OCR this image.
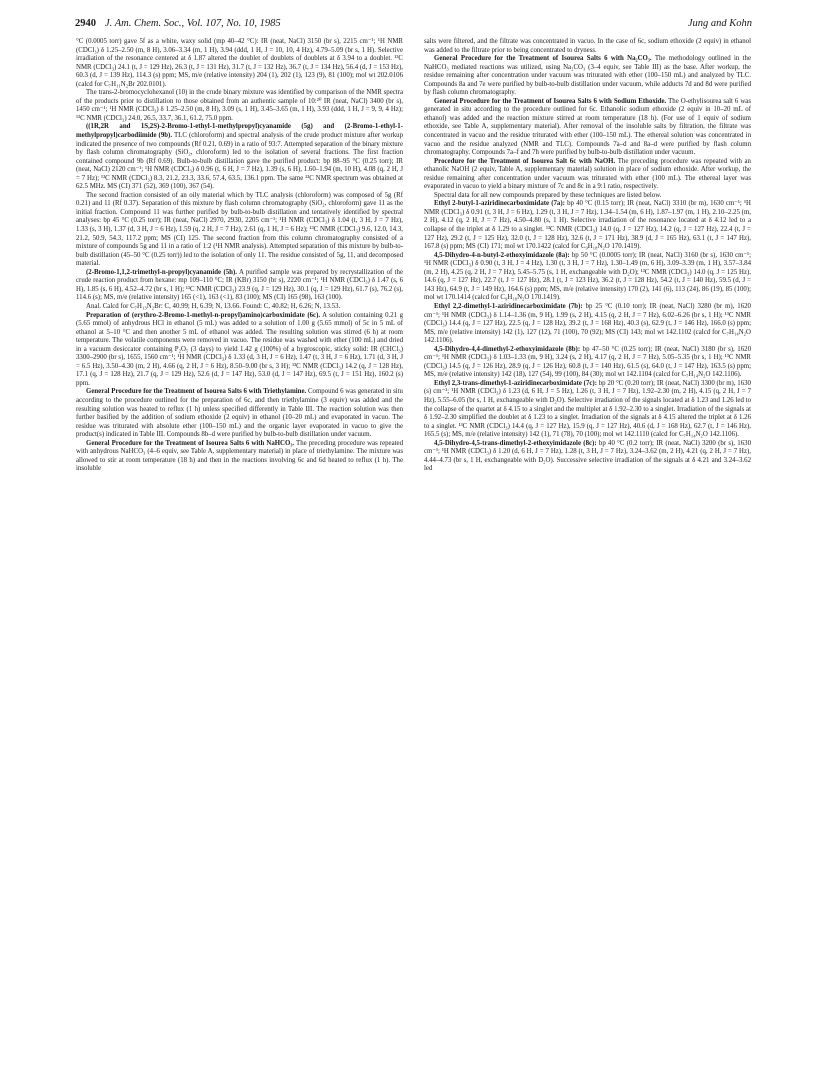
2940 J. Am. Chem. Soc., Vol. 107, No. 10, 1985	Jung and Kohn

°C (0.0005 torr) gave 5f as a white, waxy solid (mp 40–42 °C): IR (neat, NaCl) 3150 (br s), 2215 cm⁻¹; ¹H NMR (CDCl₃) δ 1.25–2.50 (m, 8 H), 3.06–3.34 (m, 1 H), 3.94 (ddd, 1 H, J = 10, 10, 4 Hz), 4.79–5.09 (br s, 1 H). Selective irradiation of the resonance centered at δ 1.87 altered the doublet of doublets of doublets at δ 3.94 to a doublet. ¹³C NMR (CDCl₃) 24.1 (t, J = 129 Hz), 26.3 (t, J = 131 Hz), 31.7 (t, J = 132 Hz), 36.7 (t, J = 134 Hz), 56.4 (d, J = 153 Hz), 60.3 (d, J = 139 Hz), 114.3 (s) ppm; MS, m/e (relative intensity) 204 (1), 202 (1), 123 (9), 81 (100); mol wt 202.0106 (calcd for C₇H₁₁N₂Br 202.0101).

The trans-2-bromocyclohexanol (10) in the crude binary mixture was identified by comparison of the NMR spectra of the products prior to distillation to those obtained from an authentic sample of 10:²⁰ IR (neat, NaCl) 3400 (br s), 1450 cm⁻¹; ¹H NMR (CDCl₃) δ 1.25–2.50 (m, 8 H), 3.09 (s, 1 H), 3.45–3.65 (m, 1 H), 3.93 (ddd, 1 H, J = 9, 9, 4 Hz); ¹³C NMR (CDCl₃) 24.0, 26.5, 33.7, 36.1, 61.2, 75.0 ppm.

((1R,2R and 1S,2S)-2-Bromo-1-ethyl-1-methylpropyl)cyanamide (5g) and (2-Bromo-1-ethyl-1-methylpropyl)carbodiimide (9b). TLC (chloroform) and spectral analysis of the crude product mixture after workup indicated the presence of two compounds (Rf 0.21, 0.69) in a ratio of 93:7. Attempted separation of the binary mixture by flash column chromatography (SiO₂, chloroform) led to the isolation of several fractions. The first fraction contained compound 9b (Rf 0.69). Bulb-to-bulb distillation gave the purified product: bp 88–95 °C (0.25 torr); IR (neat, NaCl) 2120 cm⁻¹; ¹H NMR (CDCl₃) δ 0.96 (t, 6 H, J = 7 Hz), 1.39 (s, 6 H), 1.60–1.94 (m, 10 H), 4.08 (q, 2 H, J = 7 Hz); ¹³C NMR (CDCl₃) 8.3, 21.2, 23.3, 33.6, 57.4, 63.5, 136.1 ppm. The same ¹³C NMR spectrum was obtained at 62.5 MHz. MS (CI) 371 (52), 369 (100), 367 (54).

The second fraction consisted of an oily material which by TLC analysis (chloroform) was composed of 5g (Rf 0.21) and 11 (Rf 0.37). Separation of this mixture by flash column chromatography (SiO₂, chloroform) gave 11 as the initial fraction. Compound 11 was further purified by bulb-to-bulb distillation and tentatively identified by spectral analyses: bp 45 °C (0.25 torr); IR (neat, NaCl) 2970, 2930, 2205 cm⁻¹; ¹H NMR (CDCl₃) δ 1.04 (t, 3 H, J = 7 Hz), 1.33 (s, 3 H), 1.37 (d, 3 H, J = 6 Hz), 1.59 (q, 2 H, J = 7 Hz), 2.61 (q, 1 H, J = 6 Hz); ¹³C NMR (CDCl₃) 9.6, 12.0, 14.3, 21.2, 50.9, 54.3, 117.2 ppm; MS (CI) 125. The second fraction from this column chromatography consisted of a mixture of compounds 5g and 11 in a ratio of 1:2 (¹H NMR analysis). Attempted separation of this mixture by bulb-to-bulb distillation (45–50 °C (0.25 torr)) led to the isolation of only 11. The residue consisted of 5g, 11, and decomposed material.

(2-Bromo-1,1,2-trimethyl-n-propyl)cyanamide (5h). A purified sample was prepared by recrystallization of the crude reaction product from hexane: mp 109–110 °C; IR (KBr) 3150 (br s), 2220 cm⁻¹; ¹H NMR (CDCl₃) δ 1.47 (s, 6 H), 1.85 (s, 6 H), 4.52–4.72 (br s, 1 H); ¹³C NMR (CDCl₃) 23.9 (q, J = 129 Hz), 30.1 (q, J = 129 Hz), 61.7 (s), 76.2 (s), 114.6 (s); MS, m/e (relative intensity) 165 (<1), 163 (<1), 83 (100); MS (CI) 165 (98), 163 (100).

Anal. Calcd for C₇H₁₃N₂Br: C, 40.99; H, 6.39; N, 13.66. Found: C, 40.82; H, 6.26; N, 13.53.

Preparation of (erythro-2-Bromo-1-methyl-n-propyl)amino)carboximidate (6c). A solution containing 0.21 g (5.65 mmol) of anhydrous HCl in ethanol (5 mL) was added to a solution of 1.00 g (5.65 mmol) of 5c in 5 mL of ethanol at 5–10 °C and then another 5 mL of ethanol was added. The resulting solution was stirred (6 h) at room temperature. The volatile components were removed in vacuo. The residue was washed with ether (100 mL) and dried in a vacuum desiccator containing P₂O₅ (3 days) to yield 1.42 g (100%) of a hygroscopic, sticky solid: IR (CHCl₃) 3300–2900 (br s), 1655, 1560 cm⁻¹; ¹H NMR (CDCl₃) δ 1.33 (d, 3 H, J = 6 Hz), 1.47 (t, 3 H, J = 6 Hz), 1.71 (d, 3 H, J = 6.5 Hz), 3.50–4.30 (m, 2 H), 4.66 (q, 2 H, J = 6 Hz), 8.50–9.00 (br s, 3 H); ¹³C NMR (CDCl₃) 14.2 (q, J = 128 Hz), 17.1 (q, J = 128 Hz), 21.7 (q, J = 129 Hz), 52.6 (d, J = 147 Hz), 53.0 (d, J = 147 Hz), 69.5 (t, J = 151 Hz), 160.2 (s) ppm.

General Procedure for the Treatment of Isourea Salts 6 with Triethylamine. Compound 6 was generated in situ according to the procedure outlined for the preparation of 6c, and then triethylamine (3 equiv) was added and the resulting solution was heated to reflux (1 h) unless specified differently in Table III. The reaction solution was then further basified by the addition of sodium ethoxide (2 equiv) in ethanol (10–20 mL) and evaporated in vacuo. The residue was triturated with absolute ether (100–150 mL) and the organic layer evaporated in vacuo to give the product(s) indicated in Table III. Compounds 8b–d were purified by bulb-to-bulb distillation under vacuum.

General Procedure for the Treatment of Isourea Salts 6 with NaHCO₃. The preceding procedure was repeated with anhydrous NaHCO₃ (4–6 equiv, see Table A, supplementary material) in place of triethylamine. The mixture was allowed to stir at room temperature (18 h) and then in the reactions involving 6c and 6d heated to reflux (1 h). The insoluble

salts were filtered, and the filtrate was concentrated in vacuo. In the case of 6c, sodium ethoxide (2 equiv) in ethanol was added to the filtrate prior to being concentrated to dryness.

General Procedure for the Treatment of Isourea Salts 6 with Na₂CO₃. The methodology outlined in the NaHCO₃ mediated reactions was utilized, using Na₂CO₃ (3–4 equiv, see Table III) as the base. After workup, the residue remaining after concentration under vacuum was triturated with ether (100–150 mL) and analyzed by TLC. Compounds 8a and 7e were purified by bulb-to-bulb distillation under vacuum, while adducts 7d and 8d were purified by flash column chromatography.

General Procedure for the Treatment of Isourea Salts 6 with Sodium Ethoxide. The O-ethylisourea salt 6 was generated in situ according to the procedure outlined for 6c. Ethanolic sodium ethoxide (2 equiv in 10–20 mL of ethanol) was added and the reaction mixture stirred at room temperature (18 h). (For use of 1 equiv of sodium ethoxide, see Table A, supplementary material). After removal of the insoluble salts by filtration, the filtrate was concentrated in vacuo and the residue triturated with ether (100–150 mL). The ethereal solution was concentrated in vacuo and the residue analyzed (NMR and TLC). Compounds 7a–d and 8a–d were purified by flash column chromatography. Compounds 7a–f and 7h were purified by bulb-to-bulb distillation under vacuum.

Procedure for the Treatment of Isourea Salt 6c with NaOH. The preceding procedure was repeated with an ethanolic NaOH (2 equiv, Table A, supplementary material) solution in place of sodium ethoxide. After workup, the residue remaining after concentration under vacuum was triturated with ether (100 mL). The ethereal layer was evaporated in vacuo to yield a binary mixture of 7c and 8c in a 9:1 ratio, respectively.

Spectral data for all new compounds prepared by these techniques are listed below.

Ethyl 2-butyl-1-aziridinecarboximidate (7a): bp 40 °C (0.15 torr); IR (neat, NaCl) 3310 (br m), 1630 cm⁻¹; ¹H NMR (CDCl₃) δ 0.91 (t, 3 H, J = 6 Hz), 1.29 (t, 3 H, J = 7 Hz), 1.34–1.54 (m, 6 H), 1.87–1.97 (m, 1 H), 2.10–2.25 (m, 2 H), 4.12 (q, 2 H, J = 7 Hz), 4.50–4.80 (s, 1 H). Selective irradiation of the resonance located at δ 4.12 led to a collapse of the triplet at δ 1.29 to a singlet. ¹³C NMR (CDCl₃) 14.0 (q, J = 127 Hz), 14.2 (q, J = 127 Hz), 22.4 (t, J = 127 Hz), 29.2 (t, J = 125 Hz), 32.0 (t, J = 128 Hz), 32.6 (t, J = 171 Hz), 38.9 (d, J = 165 Hz), 63.1 (t, J = 147 Hz), 167.8 (s) ppm; MS (CI) 171; mol wt 170.1422 (calcd for C₉H₁₈N₂O 170.1419).

4,5-Dihydro-4-n-butyl-2-ethoxyimidazole (8a): bp 50 °C (0.0005 torr); IR (neat, NaCl) 3160 (br s), 1630 cm⁻¹; ¹H NMR (CDCl₃) δ 0.90 (t, 3 H, J = 4 Hz), 1.30 (t, 3 H, J = 7 Hz), 1.30–1.49 (m, 6 H), 3.09–3.39 (m, 1 H), 3.57–3.84 (m, 2 H), 4.25 (q, 2 H, J = 7 Hz), 5.45–5.75 (s, 1 H, exchangeable with D₂O); ¹³C NMR (CDCl₃) 14.0 (q, J = 125 Hz), 14.6 (q, J = 127 Hz), 22.7 (t, J = 127 Hz), 28.1 (t, J = 123 Hz), 36.2 (t, J = 128 Hz), 54.2 (t, J = 140 Hz), 59.5 (d, J = 143 Hz), 64.9 (t, J = 149 Hz), 164.6 (s) ppm; MS, m/e (relative intensity) 170 (2), 141 (6), 113 (24), 86 (19), 85 (100); mol wt 170.1414 (calcd for C₉H₁₈N₂O 170.1419).

Ethyl 2,2-dimethyl-1-aziridinecarboximidate (7b): bp 25 °C (0.10 torr); IR (neat, NaCl) 3280 (br m), 1620 cm⁻¹; ¹H NMR (CDCl₃) δ 1.14–1.36 (m, 9 H), 1.99 (s, 2 H), 4.15 (q, 2 H, J = 7 Hz), 6.02–6.26 (br s, 1 H); ¹³C NMR (CDCl₃) 14.4 (q, J = 127 Hz), 22.5 (q, J = 128 Hz), 39.2 (t, J = 168 Hz), 40.3 (s), 62.9 (t, J = 146 Hz), 166.0 (s) ppm; MS, m/e (relative intensity) 142 (1), 127 (12), 71 (100), 70 (92); MS (CI) 143; mol wt 142.1102 (calcd for C₇H₁₄N₂O 142.1106).

4,5-Dihydro-4,4-dimethyl-2-ethoxyimidazole (8b): bp 47–50 °C (0.25 torr); IR (neat, NaCl) 3180 (br s), 1620 cm⁻¹; ¹H NMR (CDCl₃) δ 1.03–1.33 (m, 9 H), 3.24 (s, 2 H), 4.17 (q, 2 H, J = 7 Hz), 5.05–5.35 (br s, 1 H); ¹³C NMR (CDCl₃) 14.5 (q, J = 126 Hz), 28.9 (q, J = 126 Hz), 60.8 (t, J = 140 Hz), 61.5 (s), 64.0 (t, J = 147 Hz), 163.5 (s) ppm; MS, m/e (relative intensity) 142 (18), 127 (54), 99 (100), 84 (30); mol wt 142.1104 (calcd for C₇H₁₄N₂O 142.1106).

Ethyl 2,3-trans-dimethyl-1-aziridinecarboximidate (7c): bp 20 °C (0.20 torr); IR (neat, NaCl) 3300 (br m), 1630 (s) cm⁻¹; ¹H NMR (CDCl₃) δ 1.23 (d, 6 H, J = 5 Hz), 1.26 (t, 3 H, J = 7 Hz), 1.92–2.30 (m, 2 H), 4.15 (q, 2 H, J = 7 Hz), 5.55–6.05 (br s, 1 H, exchangeable with D₂O). Selective irradiation of the signals located at δ 1.23 and 1.26 led to the collapse of the quartet at δ 4.15 to a singlet and the multiplet at δ 1.92–2.30 to a singlet. Irradiation of the signals at δ 1.92–2.30 simplified the doublet at δ 1.23 to a singlet. Irradiation of the signals at δ 4.15 altered the triplet at δ 1.26 to a singlet. ¹³C NMR (CDCl₃) 14.4 (q, J = 127 Hz), 15.9 (q, J = 127 Hz), 40.6 (d, J = 168 Hz), 62.7 (t, J = 146 Hz), 165.5 (s); MS, m/e (relative intensity) 142 (1), 71 (78), 70 (100); mol wt 142.1110 (calcd for C₇H₁₄N₂O 142.1106).

4,5-Dihydro-4,5-trans-dimethyl-2-ethoxyimidazole (8c): bp 40 °C (0.2 torr); IR (neat, NaCl) 3200 (br s), 1630 cm⁻¹; ¹H NMR (CDCl₃) δ 1.20 (d, 6 H, J = 7 Hz), 1.28 (t, 3 H, J = 7 Hz), 3.24–3.62 (m, 2 H), 4.21 (q, 2 H, J = 7 Hz), 4.44–4.73 (br s, 1 H, exchangeable with D₂O). Successive selective irradiation of the signals at δ 4.21 and 3.24–3.62 led
